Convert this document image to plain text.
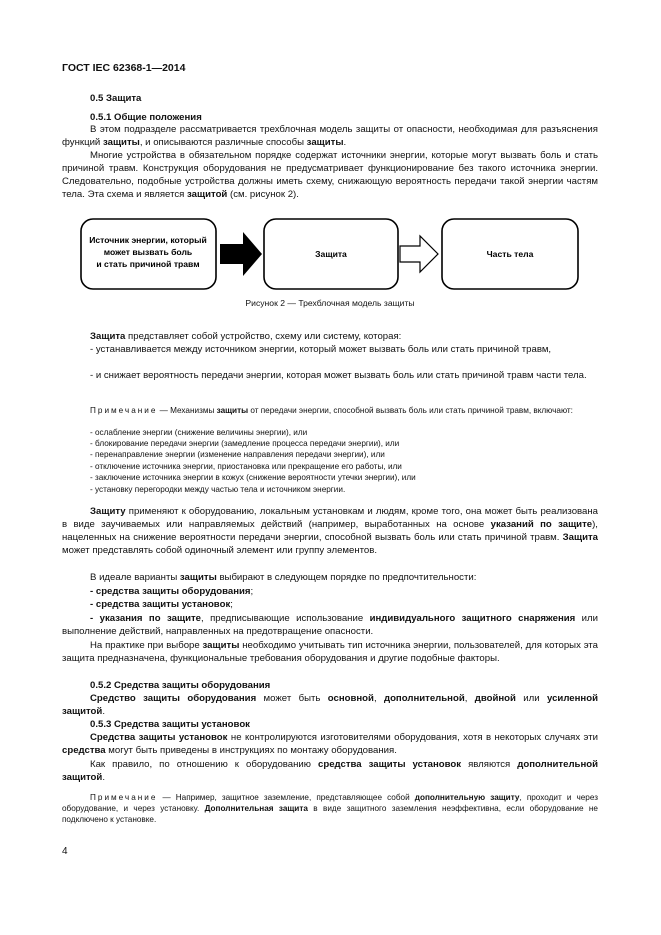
ГОСТ IEC 62368-1—2014
0.5 Защита
0.5.1 Общие положения

В этом подразделе рассматривается трехблочная модель защиты от опасности, необходимая для разъяснения функций защиты, и описываются различные способы защиты.

Многие устройства в обязательном порядке содержат источники энергии, которые могут вызвать боль и стать причиной травм. Конструкция оборудования не предусматривает функционирование без такого источника энергии. Следовательно, подобные устройства должны иметь схему, снижающую вероятность передачи такой энергии частям тела. Эта схема и является защитой (см. рисунок 2).

Источник энергии, который
может вызвать боль
и стать причиной травм
Защита	Часть тела
Рисунок 2 — Трехблочная модель защиты

Защита представляет собой устройство, схему или систему, которая:

- устанавливается между источником энергии, который может вызвать боль или стать причиной травм,

- и снижает вероятность передачи энергии, которая может вызвать боль или стать причиной травм части тела.

Примечание — Механизмы защиты от передачи энергии, способной вызвать боль или стать причиной травм, включают:

- ослабление энергии (снижение величины энергии), или
- блокирование передачи энергии (замедление процесса передачи энергии), или
- перенаправление энергии (изменение направления передачи энергии), или
- отключение источника энергии, приостановка или прекращение его работы, или
- заключение источника энергии в кожух (снижение вероятности утечки энергии), или
- установку перегородки между частью тела и источником энергии.

Защиту применяют к оборудованию, локальным установкам и людям, кроме того, она может быть реализована в виде заучиваемых или направляемых действий (например, выработанных на основе указаний по защите), нацеленных на снижение вероятности передачи энергии, способной вызвать боль или стать причиной травм. Защита может представлять собой одиночный элемент или группу элементов.

В идеале варианты защиты выбирают в следующем порядке по предпочтительности:

- средства защиты оборудования;
- средства защиты установок;

- указания по защите, предписывающие использование индивидуального защитного снаряжения или выполнение действий, направленных на предотвращение опасности.

На практике при выборе защиты необходимо учитывать тип источника энергии, пользователей, для которых эта защита предназначена, функциональные требования оборудования и другие подобные факторы.

0.5.2 Средства защиты оборудования

Средство защиты оборудования может быть основной, дополнительной, двойной или усиленной защитой.

0.5.3 Средства защиты установок

Средства защиты установок не контролируются изготовителями оборудования, хотя в некоторых случаях эти средства могут быть приведены в инструкциях по монтажу оборудования.

Как правило, по отношению к оборудованию средства защиты установок являются дополнительной защитой.

Примечание — Например, защитное заземление, представляющее собой дополнительную защиту, проходит и через оборудование, и через установку. Дополнительная защита в виде защитного заземления неэффективна, если оборудование не подключено к установке.

4
